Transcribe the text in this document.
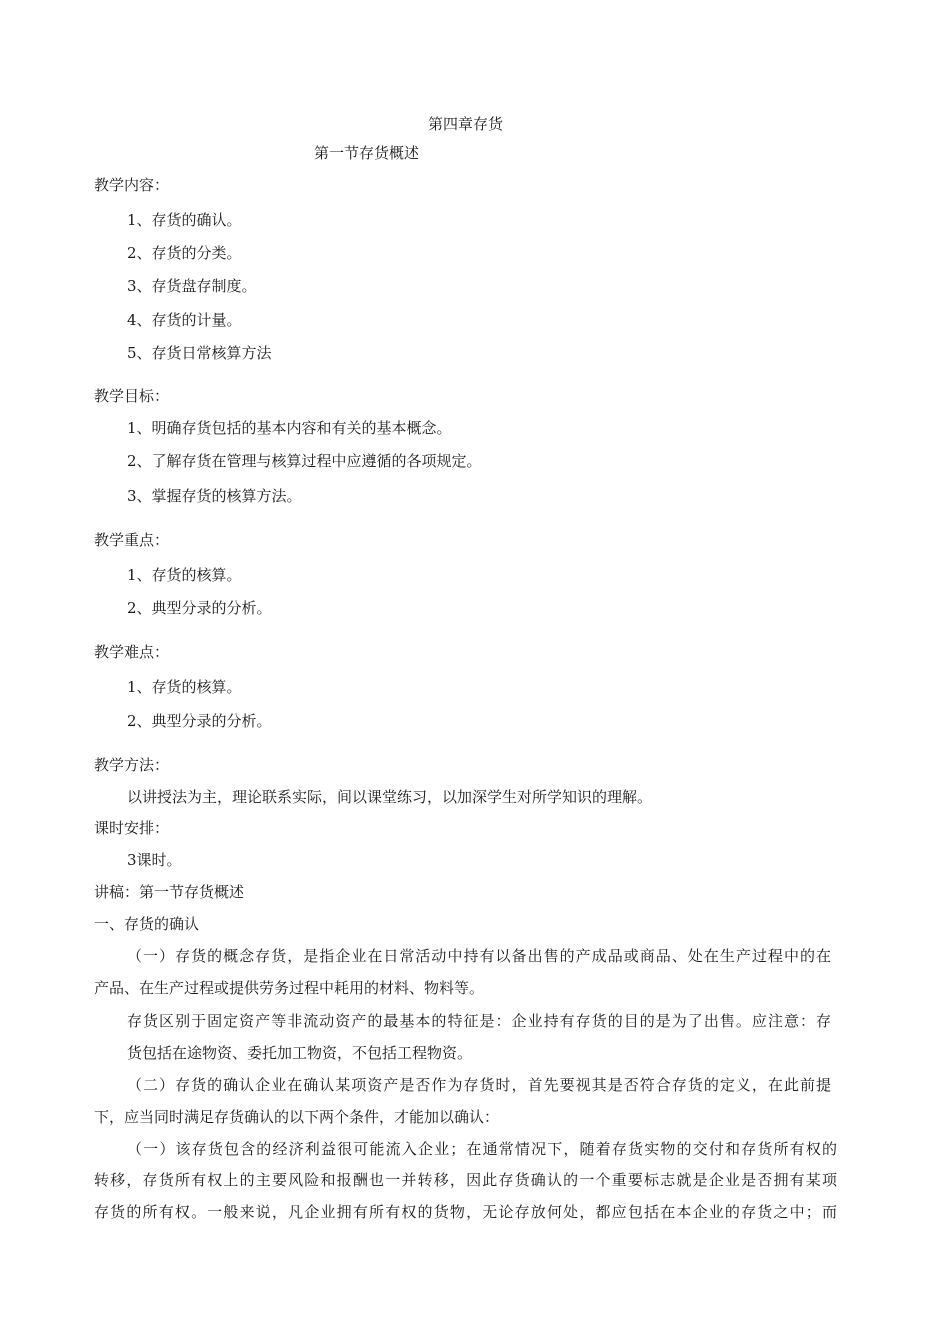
第四章存货
第一节存货概述
教学内容：
1、存货的确认。
2、存货的分类。
3、存货盘存制度。
4、存货的计量。
5、存货日常核算方法
教学目标：
1、明确存货包括的基本内容和有关的基本概念。
2、了解存货在管理与核算过程中应遵循的各项规定。
3、掌握存货的核算方法。
教学重点：
1、存货的核算。
2、典型分录的分析。
教学难点：
1、存货的核算。
2、典型分录的分析。
教学方法：
以讲授法为主，理论联系实际，间以课堂练习，以加深学生对所学知识的理解。
课时安排：
3课时。
讲稿：第一节存货概述
一、存货的确认
（一）存货的概念存货，是指企业在日常活动中持有以备出售的产成品或商品、处在生产过程中的在
产品、在生产过程或提供劳务过程中耗用的材料、物料等。
存货区别于固定资产等非流动资产的最基本的特征是：企业持有存货的目的是为了出售。应注意：存
货包括在途物资、委托加工物资，不包括工程物资。
（二）存货的确认企业在确认某项资产是否作为存货时，首先要视其是否符合存货的定义，在此前提
下，应当同时满足存货确认的以下两个条件，才能加以确认：
（一）该存货包含的经济利益很可能流入企业；在通常情况下，随着存货实物的交付和存货所有权的
转移，存货所有权上的主要风险和报酬也一并转移，因此存货确认的一个重要标志就是企业是否拥有某项
存货的所有权。一般来说，凡企业拥有所有权的货物，无论存放何处，都应包括在本企业的存货之中；而
